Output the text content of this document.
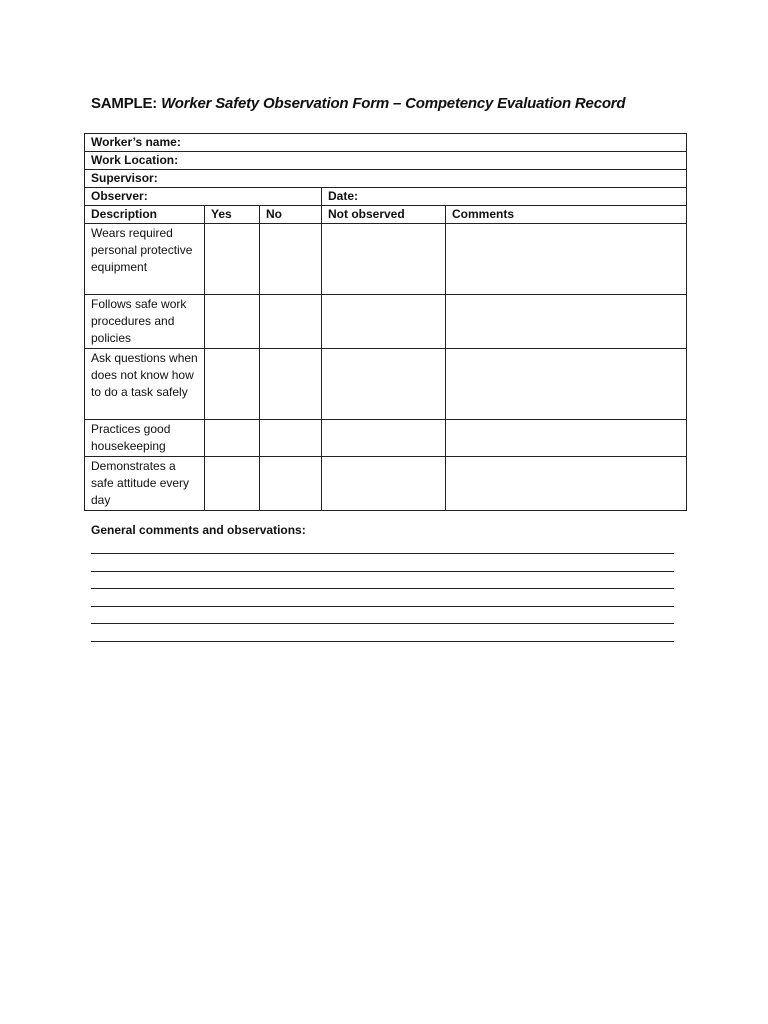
SAMPLE: Worker Safety Observation Form – Competency Evaluation Record
Worker’s name:				
Work Location:				
Supervisor:				
Observer:			Date:	
Description	Yes	No	Not observed	Comments
Wears required personal protective equipment				
Follows safe work procedures and policies				
Ask questions when does not know how to do a task safely				
Practices good housekeeping				
Demonstrates a safe attitude every day				
General comments and observations:
